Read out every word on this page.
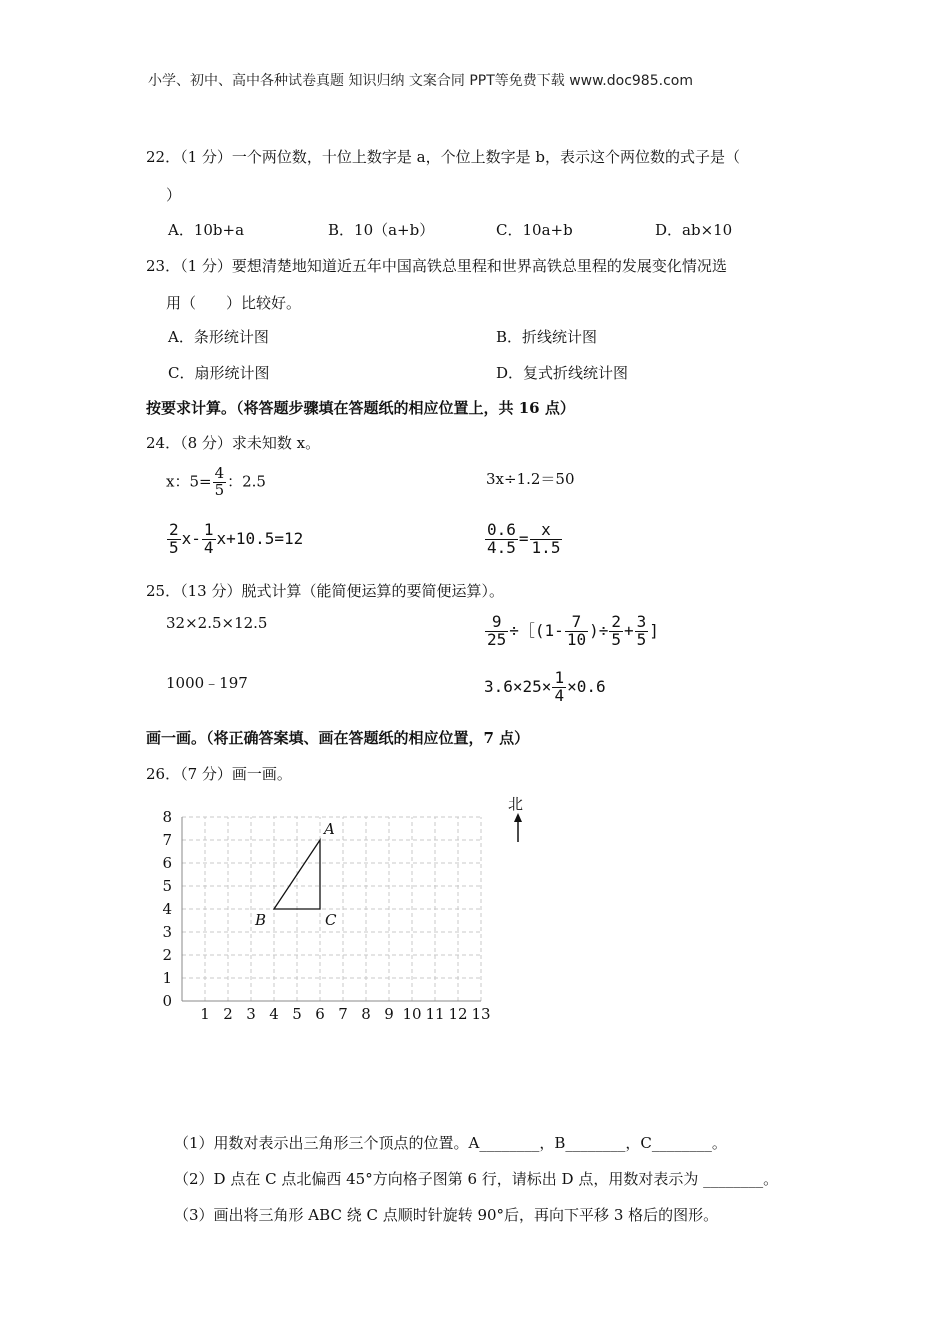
小学、初中、高中各种试卷真题 知识归纳 文案合同 PPT等免费下载 www.doc985.com
22．（1 分）一个两位数，十位上数字是 a，个位上数字是 b，表示这个两位数的式子是（
）
A．10b+a	B．10（a+b）	C．10a+b	D．ab×10
23．（1 分）要想清楚地知道近五年中国高铁总里程和世界高铁总里程的发展变化情况选
用（　　）比较好。
A．条形统计图	B．折线统计图
C．扇形统计图	D．复式折线统计图
按要求计算。（将答题步骤填在答题纸的相应位置上，共 16 点）
24．（8 分）求未知数 x。
x：$5= \frac{4}{5}$ ：2.5	3x÷1.2＝50
$\frac{2}{5} x- \frac{1}{4} x+10.5=12$	$\frac{0.6}{4.5} = \frac{x}{1.5}$
25．（13 分）脱式计算（能简便运算的要简便运算）。
32×2.5×12.5	$\frac{9}{25}$ ÷［(1- $\frac{7}{10}$ )÷ $\frac{2}{5} + \frac{3}{5}$ ]
1000﹣197	$3.6\times 25\times \frac{1}{4} \times 0.6$
画一画。（将正确答案填、画在答题纸的相应位置，7 点）
26．（7 分）画一画。
1 2 3 4 5 6 7 8 9 10 11 12 13
0
1
2
3
4
5
6
7
8
A
B	C
北
（1）用数对表示出三角形三个顶点的位置。A________，B________，C________。
（2）D 点在 C 点北偏西 45°方向格子图第 6 行，请标出 D 点，用数对表示为 ________。
（3）画出将三角形 ABC 绕 C 点顺时针旋转 90°后，再向下平移 3 格后的图形。
